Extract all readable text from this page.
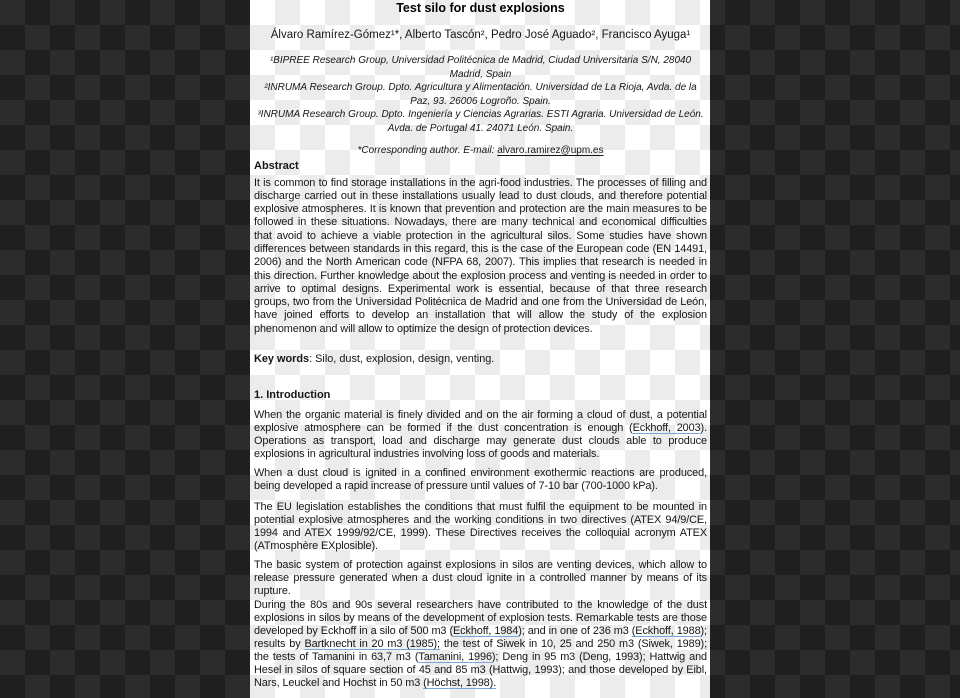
Test silo for dust explosions
Álvaro Ramírez-Gómez¹*, Alberto Tascón², Pedro José Aguado², Francisco Ayuga¹
¹BIPREE Research Group, Universidad Politécnica de Madrid, Ciudad Universitaria S/N, 28040 Madrid, Spain
²INRUMA Research Group. Dpto. Agricultura y Alimentación. Universidad de La Rioja, Avda. de la Paz, 93. 26006 Logroño. Spain.
³INRUMA Research Group. Dpto. Ingeniería y Ciencias Agrarias. ESTI Agraria. Universidad de León. Avda. de Portugal 41. 24071 León. Spain.
*Corresponding author. E-mail: alvaro.ramirez@upm.es
Abstract
It is common to find storage installations in the agri-food industries. The processes of filling and discharge carried out in these installations usually lead to dust clouds, and therefore potential explosive atmospheres. It is known that prevention and protection are the main measures to be followed in these situations. Nowadays, there are many technical and economical difficulties that avoid to achieve a viable protection in the agricultural silos. Some studies have shown differences between standards in this regard, this is the case of the European code (EN 14491, 2006) and the North American code (NFPA 68, 2007). This implies that research is needed in this direction. Further knowledge about the explosion process and venting is needed in order to arrive to optimal designs. Experimental work is essential, because of that three research groups, two from the Universidad Politécnica de Madrid and one from the Universidad de León, have joined efforts to develop an installation that will allow the study of the explosion phenomenon and will allow to optimize the design of protection devices.
Key words: Silo, dust, explosion, design, venting.
1. Introduction
When the organic material is finely divided and on the air forming a cloud of dust, a potential explosive atmosphere can be formed if the dust concentration is enough (Eckhoff, 2003). Operations as transport, load and discharge may generate dust clouds able to produce explosions in agricultural industries involving loss of goods and materials.
When a dust cloud is ignited in a confined environment exothermic reactions are produced, being developed a rapid increase of pressure until values of 7-10 bar (700-1000 kPa).
The EU legislation establishes the conditions that must fulfil the equipment to be mounted in potential explosive atmospheres and the working conditions in two directives (ATEX 94/9/CE, 1994 and ATEX 1999/92/CE, 1999). These Directives receives the colloquial acronym ATEX (ATmosphère EXplosible).
The basic system of protection against explosions in silos are venting devices, which allow to release pressure generated when a dust cloud ignite in a controlled manner by means of its rupture.
During the 80s and 90s several researchers have contributed to the knowledge of the dust explosions in silos by means of the development of explosion tests. Remarkable tests are those developed by Eckhoff in a silo of 500 m3 (Eckhoff, 1984); and in one of 236 m3 (Eckhoff, 1988); results by Bartknecht in 20 m3 (1985); the test of Siwek in 10, 25 and 250 m3 (Siwek, 1989); the tests of Tamanini in 63,7 m3 (Tamanini, 1996); Deng in 95 m3 (Deng, 1993); Hattwig and Hesel in silos of square section of 45 and 85 m3 (Hattwig, 1993); and those developed by Eibl, Nars, Leuckel and Hochst in 50 m3 (Höchst, 1998).
